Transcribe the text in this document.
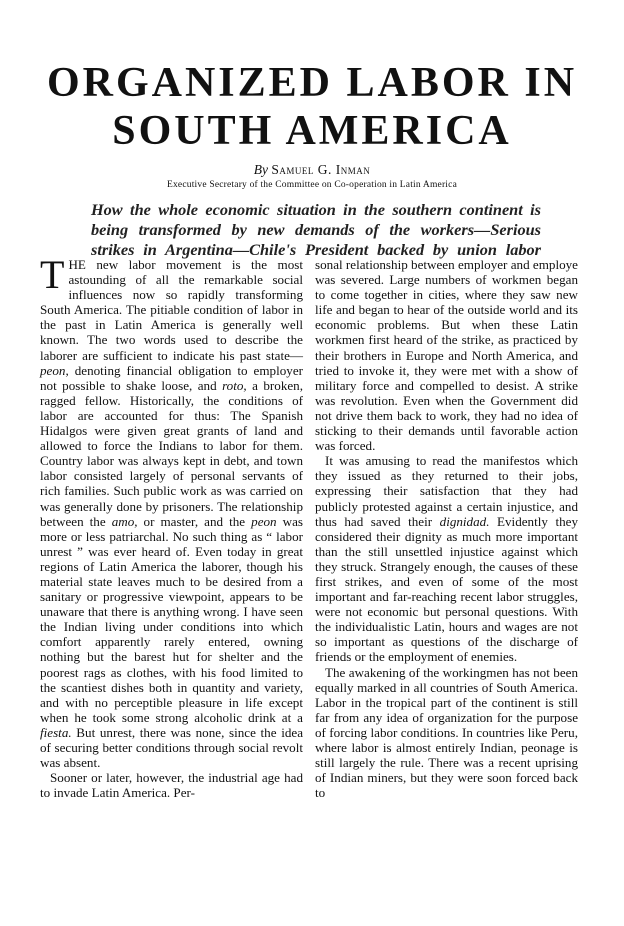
ORGANIZED LABOR IN
SOUTH AMERICA
By Samuel G. Inman
Executive Secretary of the Committee on Co-operation in Latin America
How the whole economic situation in the southern continent is
being transformed by new demands of the workers—Serious
strikes in Argentina—Chile's President backed by union labor

THE new labor movement is the most astounding of all the remarkable social influences now so rapidly transforming South America. The pitiable condition of labor in the past in Latin America is generally well known. The two words used to describe the laborer are sufficient to indicate his past state—peon, denoting financial obligation to employer not possible to shake loose, and roto, a broken, ragged fellow. Historically, the conditions of labor are accounted for thus: The Spanish Hidalgos were given great grants of land and allowed to force the Indians to labor for them. Country labor was always kept in debt, and town labor consisted largely of personal servants of rich families. Such public work as was carried on was generally done by prisoners. The relationship between the amo, or master, and the peon was more or less patriarchal. No such thing as “ labor unrest ” was ever heard of. Even today in great regions of Latin America the laborer, though his material state leaves much to be desired from a sanitary or progressive viewpoint, appears to be unaware that there is anything wrong. I have seen the Indian living under conditions into which comfort apparently rarely entered, owning nothing but the barest hut for shelter and the poorest rags as clothes, with his food limited to the scantiest dishes both in quantity and variety, and with no perceptible pleasure in life except when he took some strong alcoholic drink at a fiesta. But unrest, there was none, since the idea of securing better conditions through social revolt was absent.

Sooner or later, however, the industrial age had to invade Latin America. Per-

sonal relationship between employer and employe was severed. Large numbers of workmen began to come together in cities, where they saw new life and began to hear of the outside world and its economic problems. But when these Latin workmen first heard of the strike, as practiced by their brothers in Europe and North America, and tried to invoke it, they were met with a show of military force and compelled to desist. A strike was revolution. Even when the Government did not drive them back to work, they had no idea of sticking to their demands until favorable action was forced.

It was amusing to read the manifestos which they issued as they returned to their jobs, expressing their satisfaction that they had publicly protested against a certain injustice, and thus had saved their dignidad. Evidently they considered their dignity as much more important than the still unsettled injustice against which they struck. Strangely enough, the causes of these first strikes, and even of some of the most important and far-reaching recent labor struggles, were not economic but personal questions. With the individualistic Latin, hours and wages are not so important as questions of the discharge of friends or the employment of enemies.

The awakening of the workingmen has not been equally marked in all countries of South America. Labor in the tropical part of the continent is still far from any idea of organization for the purpose of forcing labor conditions. In countries like Peru, where labor is almost entirely Indian, peonage is still largely the rule. There was a recent uprising of Indian miners, but they were soon forced back to
